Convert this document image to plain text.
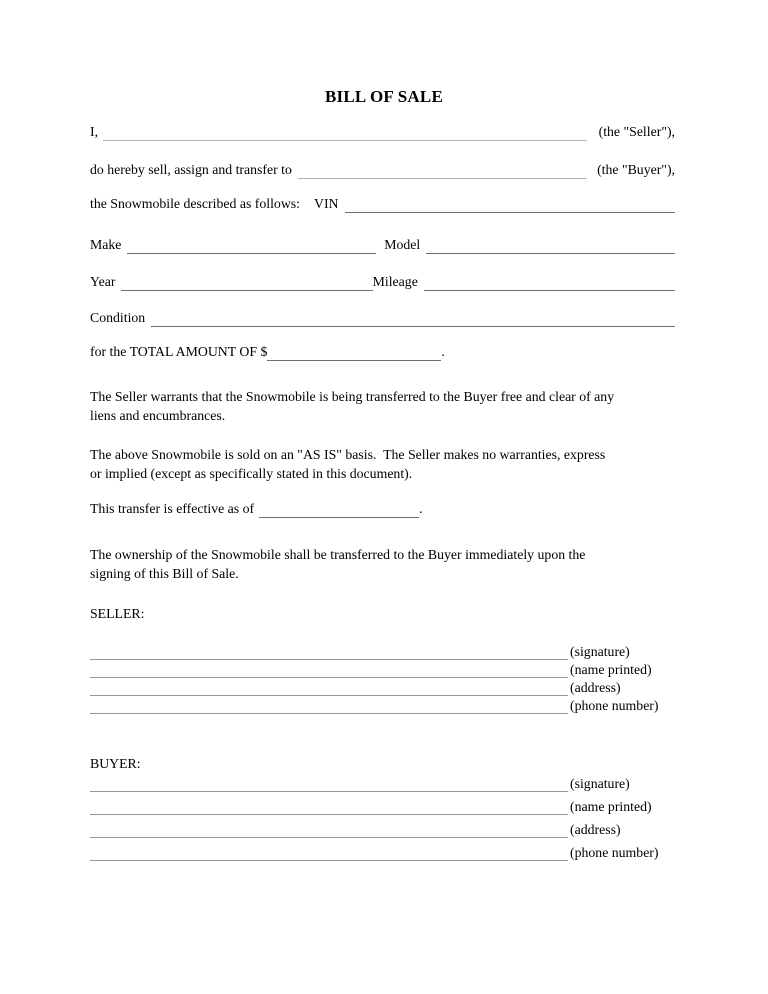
BILL OF SALE
I,	(the "Seller"),
do hereby sell, assign and transfer to	(the "Buyer"),
the Snowmobile described as follows: VIN
Make	Model
Year	Mileage
Condition
for the TOTAL AMOUNT OF $	.
The Seller warrants that the Snowmobile is being transferred to the Buyer free and clear of any
liens and encumbrances.
The above Snowmobile is sold on an "AS IS" basis.  The Seller makes no warranties, express
or implied (except as specifically stated in this document).
This transfer is effective as of	.
The ownership of the Snowmobile shall be transferred to the Buyer immediately upon the
signing of this Bill of Sale.
SELLER:
(signature)
(name printed)
(address)
(phone number)
BUYER:
(signature)
(name printed)
(address)
(phone number)
